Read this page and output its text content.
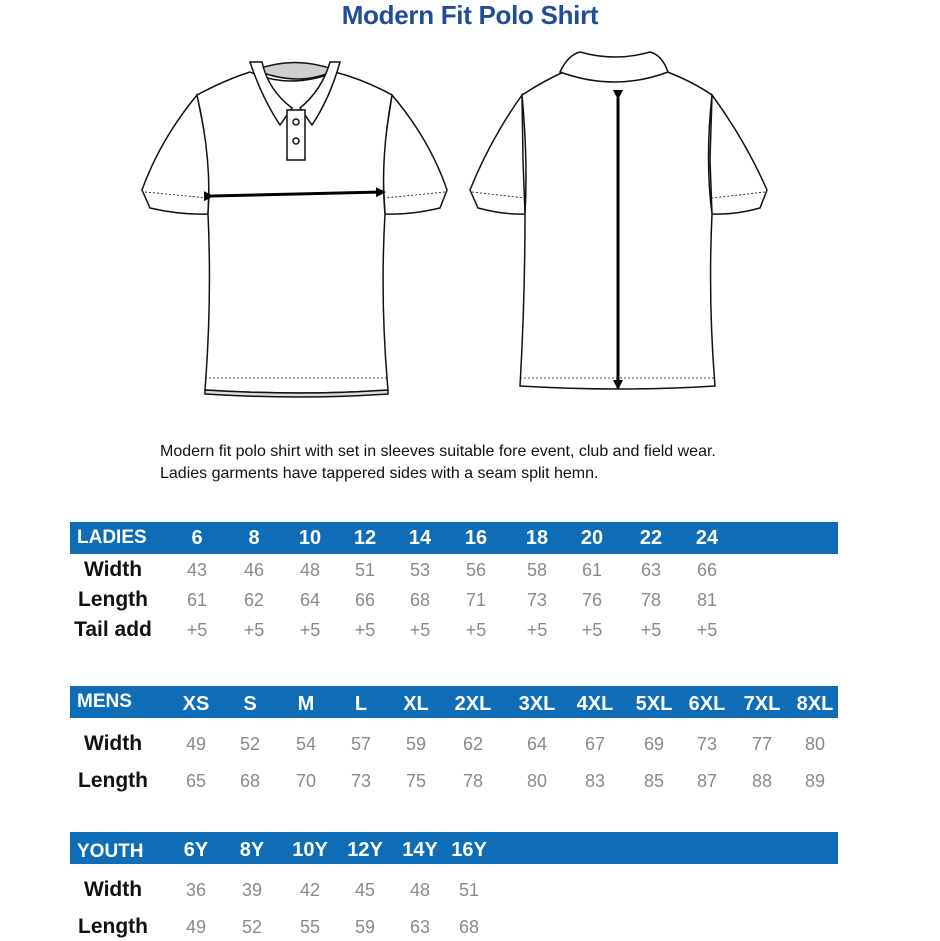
Modern Fit Polo Shirt
Modern fit polo shirt with set in sleeves suitable fore event, club and field wear.
Ladies garments have tappered sides with a seam split hemn.
LADIES	6	8	10	12	14	16	18	20	22	24
Width	43	46	48	51	53	56	58	61	63	66
Length	61	62	64	66	68	71	73	76	78	81
Tail add	+5	+5	+5	+5	+5	+5	+5	+5	+5	+5
MENS	XS	S	M	L	XL	2XL	3XL	4XL	5XL 6XL 7XL 8XL
Width	49	52	54	57	59	62	64	67	69	73	77	80
Length	65	68	70	73	75	78	80	83	85	87	88	89
YOUTH	6Y	8Y	10Y 12Y 14Y 16Y
Width	36	39	42	45	48	51
Length	49	52	55	59	63	68
